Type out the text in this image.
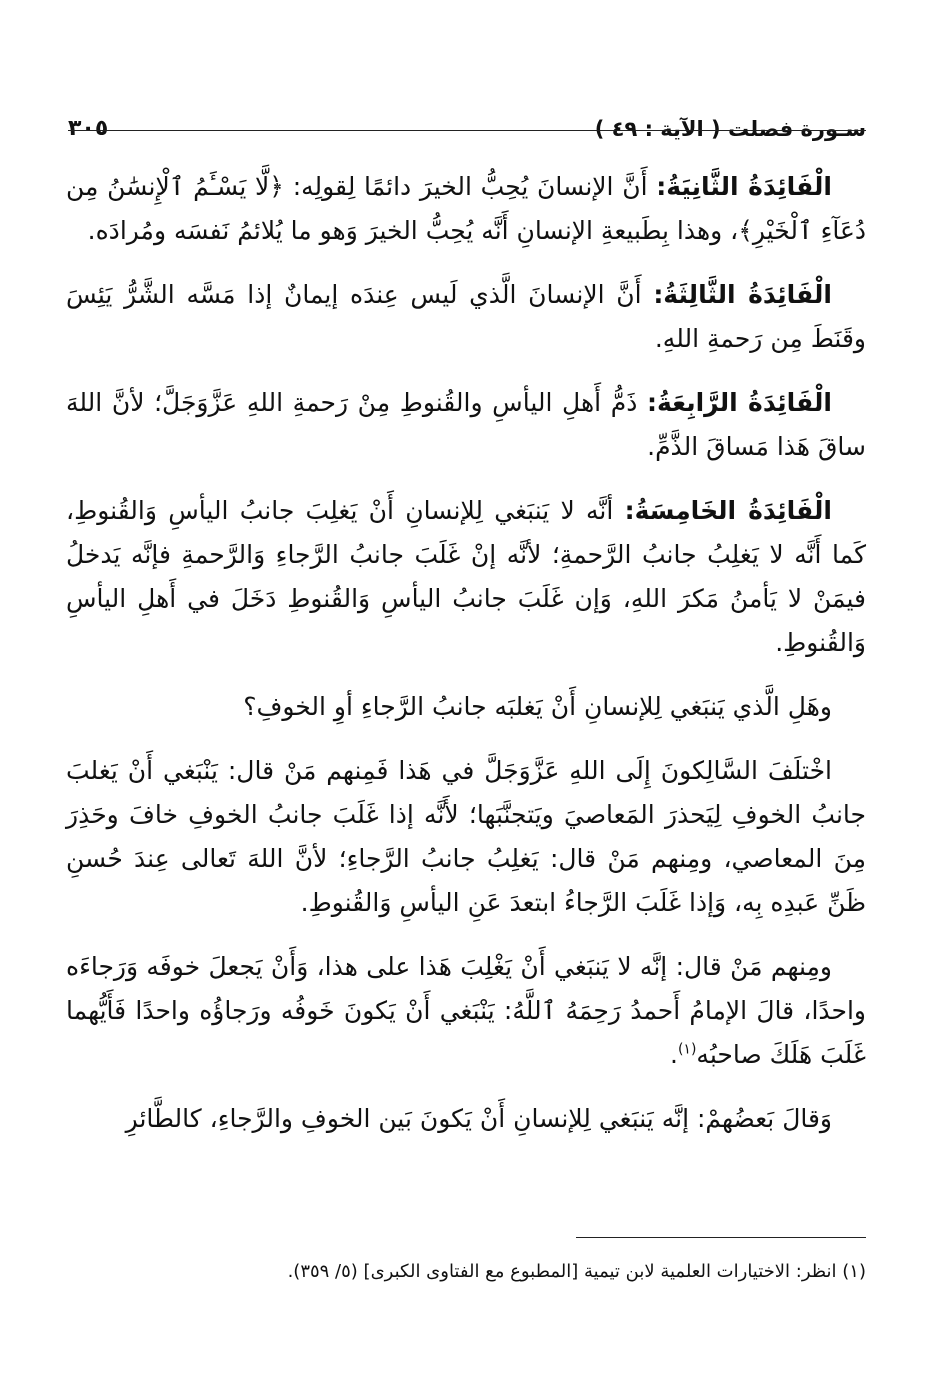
سـورة فصلت ( الآية : ٤٩ )
٣٠٥

الْفَائِدَةُ الثَّانِيَةُ: أَنَّ الإنسانَ يُحِبُّ الخيرَ دائمًا لِقولِه: ﴿لَّا يَسْـَٔمُ ٱلْإِنسَٰنُ مِن دُعَآءِ ٱلْخَيْرِ﴾، وهذا بِطَبيعةِ الإنسانِ أَنَّه يُحِبُّ الخيرَ وَهو ما يُلائمُ نَفسَه ومُرادَه.

الْفَائِدَةُ الثَّالِثَةُ: أَنَّ الإنسانَ الَّذي لَيس عِندَه إيمانٌ إذا مَسَّه الشَّرُّ يَئِسَ وقَنَطَ مِن رَحمةِ اللهِ.

الْفَائِدَةُ الرَّابِعَةُ: ذَمُّ أَهلِ اليأسِ والقُنوطِ مِنْ رَحمةِ اللهِ عَزَّوَجَلَّ؛ لأنَّ اللهَ ساقَ هَذا مَساقَ الذَّمِّ.

الْفَائِدَةُ الخَامِسَةُ: أنَّه لا يَنبَغي لِلإنسانِ أَنْ يَغلِبَ جانبُ اليأسِ وَالقُنوطِ، كَما أَنَّه لا يَغلِبُ جانبُ الرَّحمةِ؛ لأنَّه إنْ غَلَبَ جانبُ الرَّجاءِ وَالرَّحمةِ فإنَّه يَدخلُ فيمَنْ لا يَأمنُ مَكرَ اللهِ، وَإن غَلَبَ جانبُ اليأسِ وَالقُنوطِ دَخَلَ في أَهلِ اليأسِ وَالقُنوطِ.

وهَلِ الَّذي يَنبَغي لِلإنسانِ أَنْ يَغلبَه جانبُ الرَّجاءِ أوِ الخوفِ؟

اخْتلَفَ السَّالِكونَ إِلَى اللهِ عَزَّوَجَلَّ في هَذا فَمِنهم مَنْ قال: يَنْبَغي أَنْ يَغلبَ جانبُ الخوفِ لِيَحذرَ المَعاصيَ ويَتجنَّبَها؛ لأَنَّه إذا غَلَبَ جانبُ الخوفِ خافَ وحَذِرَ مِنَ المعاصي، ومِنهم مَنْ قال: يَغلِبُ جانبُ الرَّجاءِ؛ لأنَّ اللهَ تَعالى عِندَ حُسنِ ظَنِّ عَبدِه بِه، وَإذا غَلَبَ الرَّجاءُ ابتعدَ عَنِ اليأسِ وَالقُنوطِ.

ومِنهم مَنْ قال: إنَّه لا يَنبَغي أَنْ يَغْلِبَ هَذا على هذا، وَأَنْ يَجعلَ خوفَه وَرَجاءَه واحدًا، قالَ الإمامُ أَحمدُ رَحِمَهُ ٱللَّهُ: يَنْبَغي أَنْ يَكونَ خَوفُه ورَجاؤُه واحدًا فَأَيُّهما غَلَبَ هَلَكَ صاحبُه$^{(١)}$.

وَقالَ بَعضُهمْ: إنَّه يَنبَغي لِلإنسانِ أَنْ يَكونَ بَين الخوفِ والرَّجاءِ، كالطَّائرِ

(١) انظر: الاختيارات العلمية لابن تيمية [المطبوع مع الفتاوى الكبرى] (٥/ ٣٥٩).
